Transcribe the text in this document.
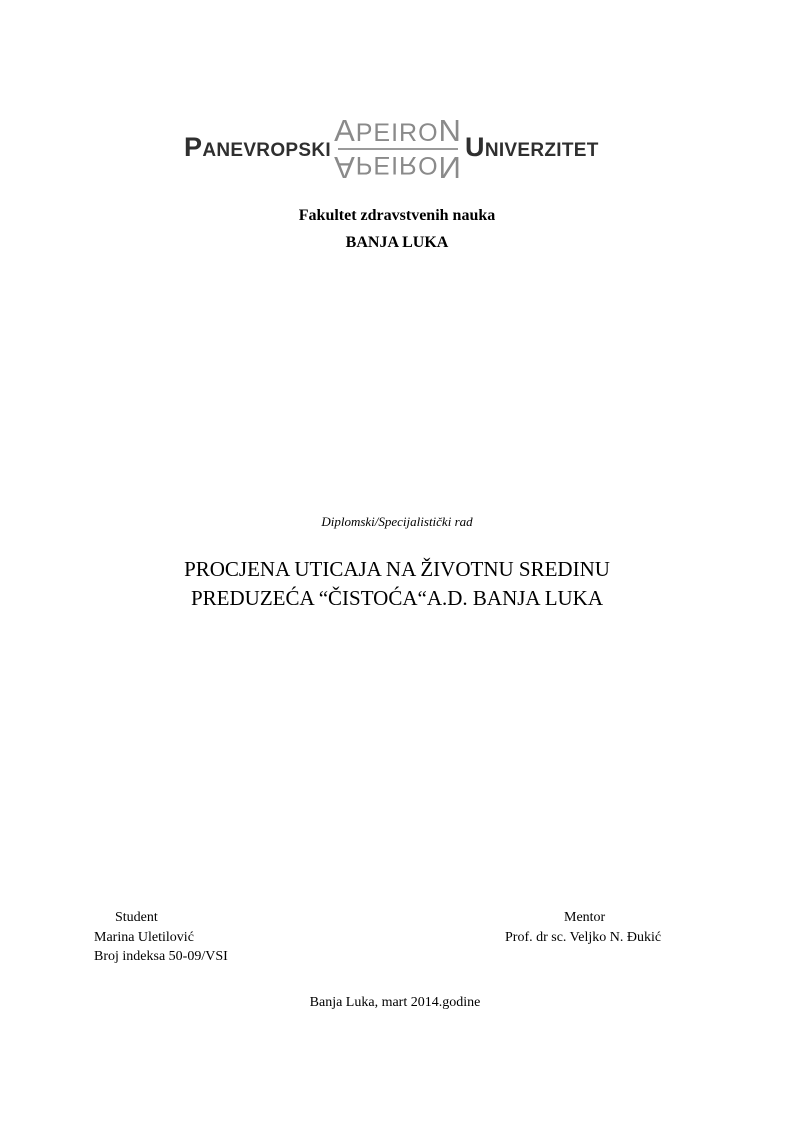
PANEVROPSKI
APEIRON
APEIRON
UNIVERZITET
Fakultet zdravstvenih nauka
BANJA LUKA
Diplomski/Specijalistički rad
PROCJENA UTICAJA NA ŽIVOTNU SREDINU
PREDUZEĆA “ČISTOĆA“A.D. BANJA LUKA
Student
Marina Uletilović
Broj indeksa 50-09/VSI
Mentor
Prof. dr sc. Veljko N. Đukić
Banja Luka, mart 2014.godine
